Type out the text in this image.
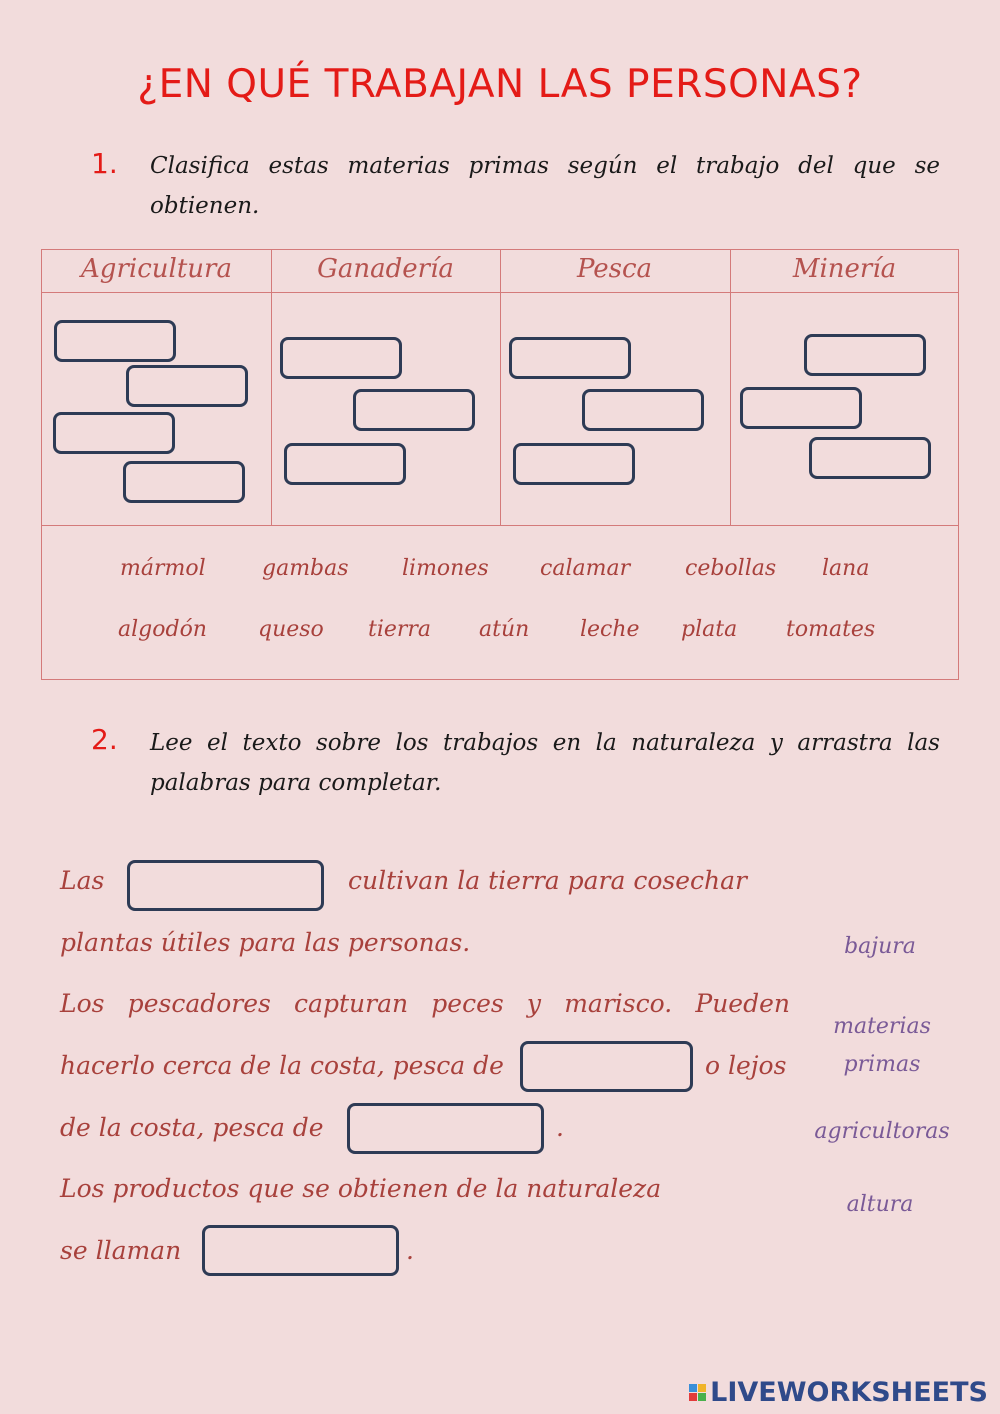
¿EN QUÉ TRABAJAN LAS PERSONAS?
1. Clasifica estas materias primas según el trabajo del que se obtienen.
Agricultura	Ganadería	Pesca	Minería
mármol	gambas limones calamar cebollas lana
algodón queso tierra atún leche plata tomates
2. Lee el texto sobre los trabajos en la naturaleza y arrastra las palabras para completar.
Las	cultivan la tierra para cosechar
plantas útiles para las personas.
Los pescadores capturan peces y marisco. Pueden
hacerlo cerca de la costa, pesca de	o lejos
de la costa, pesca de	.
Los productos que se obtienen de la naturaleza
se llaman	.
bajura
materias primas
agricultoras
altura
LIVEWORKSHEETS
